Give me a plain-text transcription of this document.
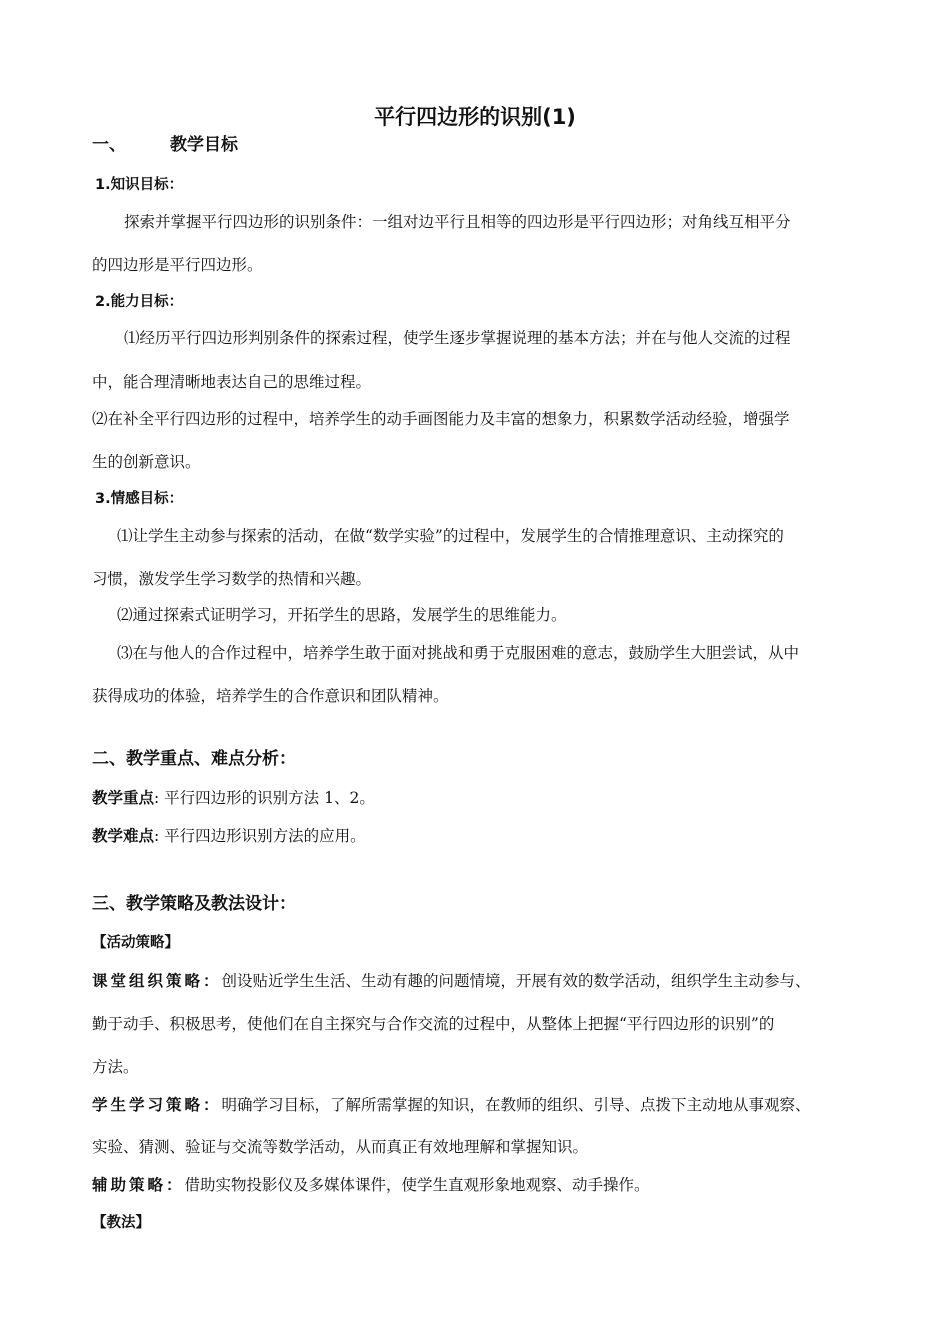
平行四边形的识别(1)
一、	教学目标
1.知识目标：
探索并掌握平行四边形的识别条件：一组对边平行且相等的四边形是平行四边形；对角线互相平分
的四边形是平行四边形。
2.能力目标：
⑴经历平行四边形判别条件的探索过程，使学生逐步掌握说理的基本方法；并在与他人交流的过程
中，能合理清晰地表达自己的思维过程。
⑵在补全平行四边形的过程中，培养学生的动手画图能力及丰富的想象力，积累数学活动经验，增强学
生的创新意识。
3.情感目标：
⑴让学生主动参与探索的活动，在做“数学实验”的过程中，发展学生的合情推理意识、主动探究的
习惯，激发学生学习数学的热情和兴趣。
⑵通过探索式证明学习，开拓学生的思路，发展学生的思维能力。
⑶在与他人的合作过程中，培养学生敢于面对挑战和勇于克服困难的意志，鼓励学生大胆尝试，从中
获得成功的体验，培养学生的合作意识和团队精神。
二、教学重点、难点分析：
教学重点: 平行四边形的识别方法 1、2。
教学难点: 平行四边形识别方法的应用。
三、教学策略及教法设计：
【活动策略】
课堂组织策略：创设贴近学生生活、生动有趣的问题情境，开展有效的数学活动，组织学生主动参与、
勤于动手、积极思考，使他们在自主探究与合作交流的过程中，从整体上把握“平行四边形的识别”的
方法。
学生学习策略：明确学习目标，了解所需掌握的知识，在教师的组织、引导、点拨下主动地从事观察、
实验、猜测、验证与交流等数学活动，从而真正有效地理解和掌握知识。
辅助策略：借助实物投影仪及多媒体课件，使学生直观形象地观察、动手操作。
【教法】
